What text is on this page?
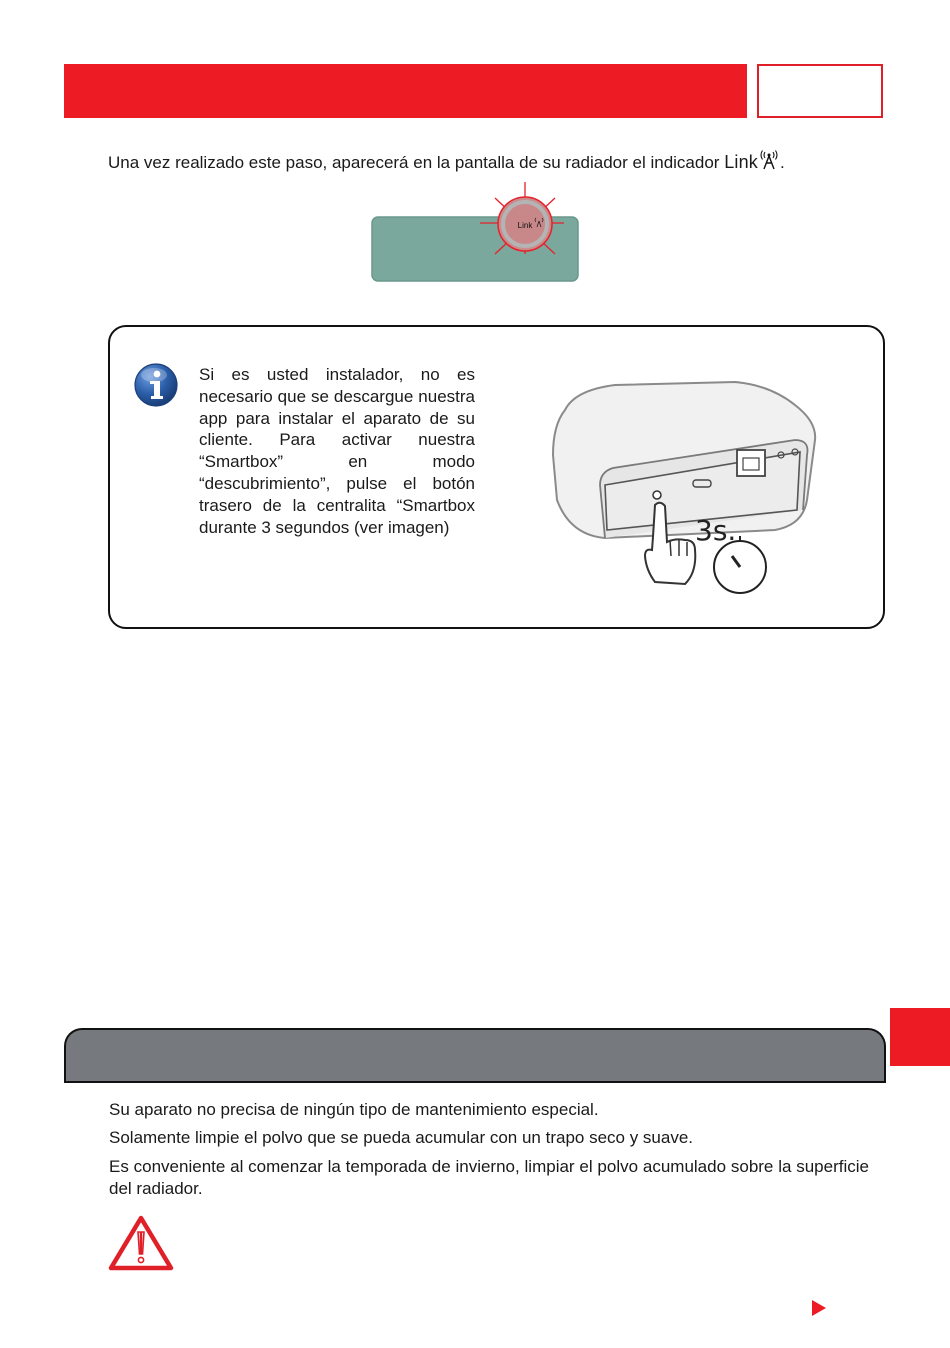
Una vez realizado este paso, aparecerá en la pantalla de su radiador el indicador Link .
Link
Si es usted instalador, no es necesario que se descargue nuestra app para instalar el aparato de su cliente. Para activar nuestra “Smartbox” en modo “descubrimiento”, pulse el botón trasero de la centralita “Smartbox durante 3 segundos (ver imagen)	3s.

Su aparato no precisa de ningún tipo de mantenimiento especial.

Solamente limpie el polvo que se pueda acumular con un trapo seco y suave.

Es conveniente al comenzar la temporada de invierno, limpiar el polvo acumulado sobre la superficie del radiador.
